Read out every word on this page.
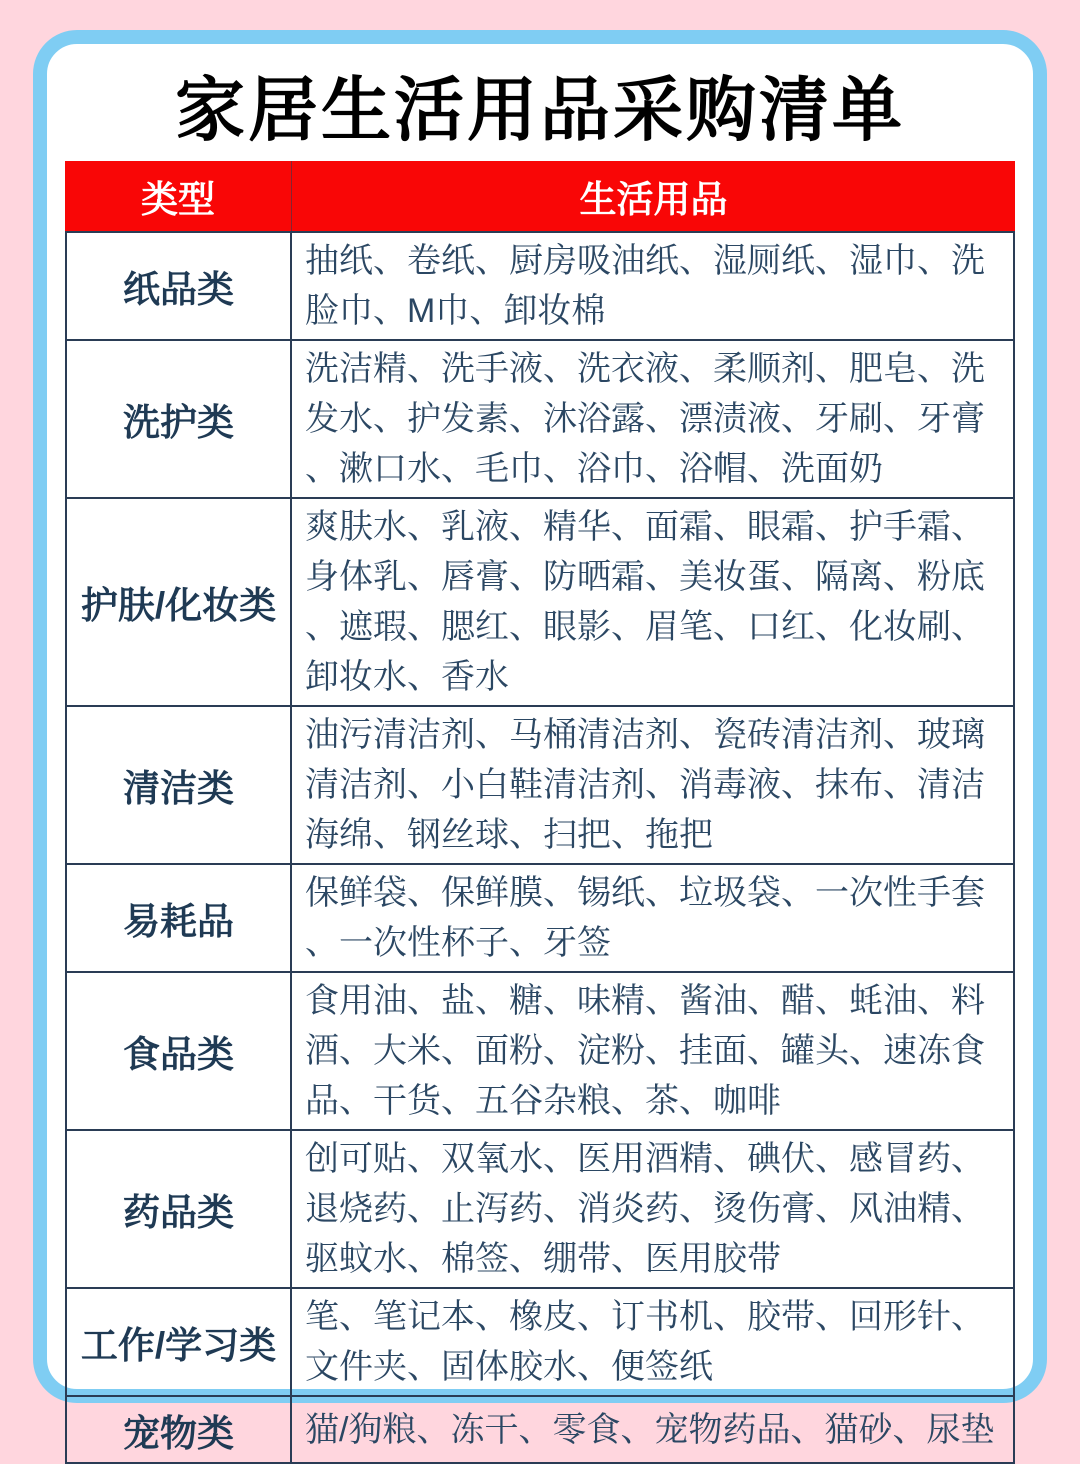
家居生活用品采购清单
类型	生活用品
纸品类
抽纸、卷纸、厨房吸油纸、湿厕纸、湿巾、洗脸巾、M巾、卸妆棉
洗护类
洗洁精、洗手液、洗衣液、柔顺剂、肥皂、洗发水、护发素、沐浴露、漂渍液、牙刷、牙膏、漱口水、毛巾、浴巾、浴帽、洗面奶
护肤/化妆类
爽肤水、乳液、精华、面霜、眼霜、护手霜、身体乳、唇膏、防晒霜、美妆蛋、隔离、粉底、遮瑕、腮红、眼影、眉笔、口红、化妆刷、卸妆水、香水
清洁类
油污清洁剂、马桶清洁剂、瓷砖清洁剂、玻璃清洁剂、小白鞋清洁剂、消毒液、抹布、清洁海绵、钢丝球、扫把、拖把
易耗品
保鲜袋、保鲜膜、锡纸、垃圾袋、一次性手套、一次性杯子、牙签
食品类
食用油、盐、糖、味精、酱油、醋、蚝油、料酒、大米、面粉、淀粉、挂面、罐头、速冻食品、干货、五谷杂粮、茶、咖啡
药品类
创可贴、双氧水、医用酒精、碘伏、感冒药、退烧药、止泻药、消炎药、烫伤膏、风油精、驱蚊水、棉签、绷带、医用胶带
工作/学习类
笔、笔记本、橡皮、订书机、胶带、回形针、文件夹、固体胶水、便签纸
宠物类	猫/狗粮、冻干、零食、宠物药品、猫砂、尿垫
